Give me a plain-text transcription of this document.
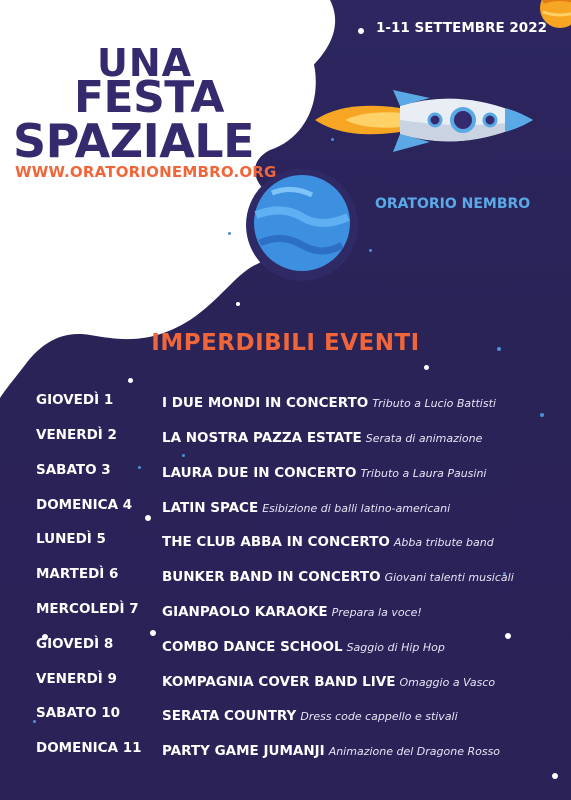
UNA
FESTA
SPAZIALE
WWW.ORATORIONEMBRO.ORG
1-11 SETTEMBRE 2022
ORATORIO NEMBRO
IMPERDIBILI EVENTI
GIOVEDÌ 1	I DUE MONDI IN CONCERTO Tributo a Lucio Battisti
VENERDÌ 2	LA NOSTRA PAZZA ESTATE Serata di animazione
SABATO 3	LAURA DUE IN CONCERTO Tributo a Laura Pausini
DOMENICA 4 LATIN SPACE Esibizione di balli latino-americani
LUNEDÌ 5	THE CLUB ABBA IN CONCERTO Abba tribute band
MARTEDÌ 6	BUNKER BAND IN CONCERTO Giovani talenti musicali
MERCOLEDÌ 7 GIANPAOLO KARAOKE Prepara la voce!
GIOVEDÌ 8	COMBO DANCE SCHOOL Saggio di Hip Hop
VENERDÌ 9	KOMPAGNIA COVER BAND LIVE Omaggio a Vasco
SABATO 10	SERATA COUNTRY Dress code cappello e stivali
DOMENICA 11 PARTY GAME JUMANJI Animazione del Dragone Rosso
